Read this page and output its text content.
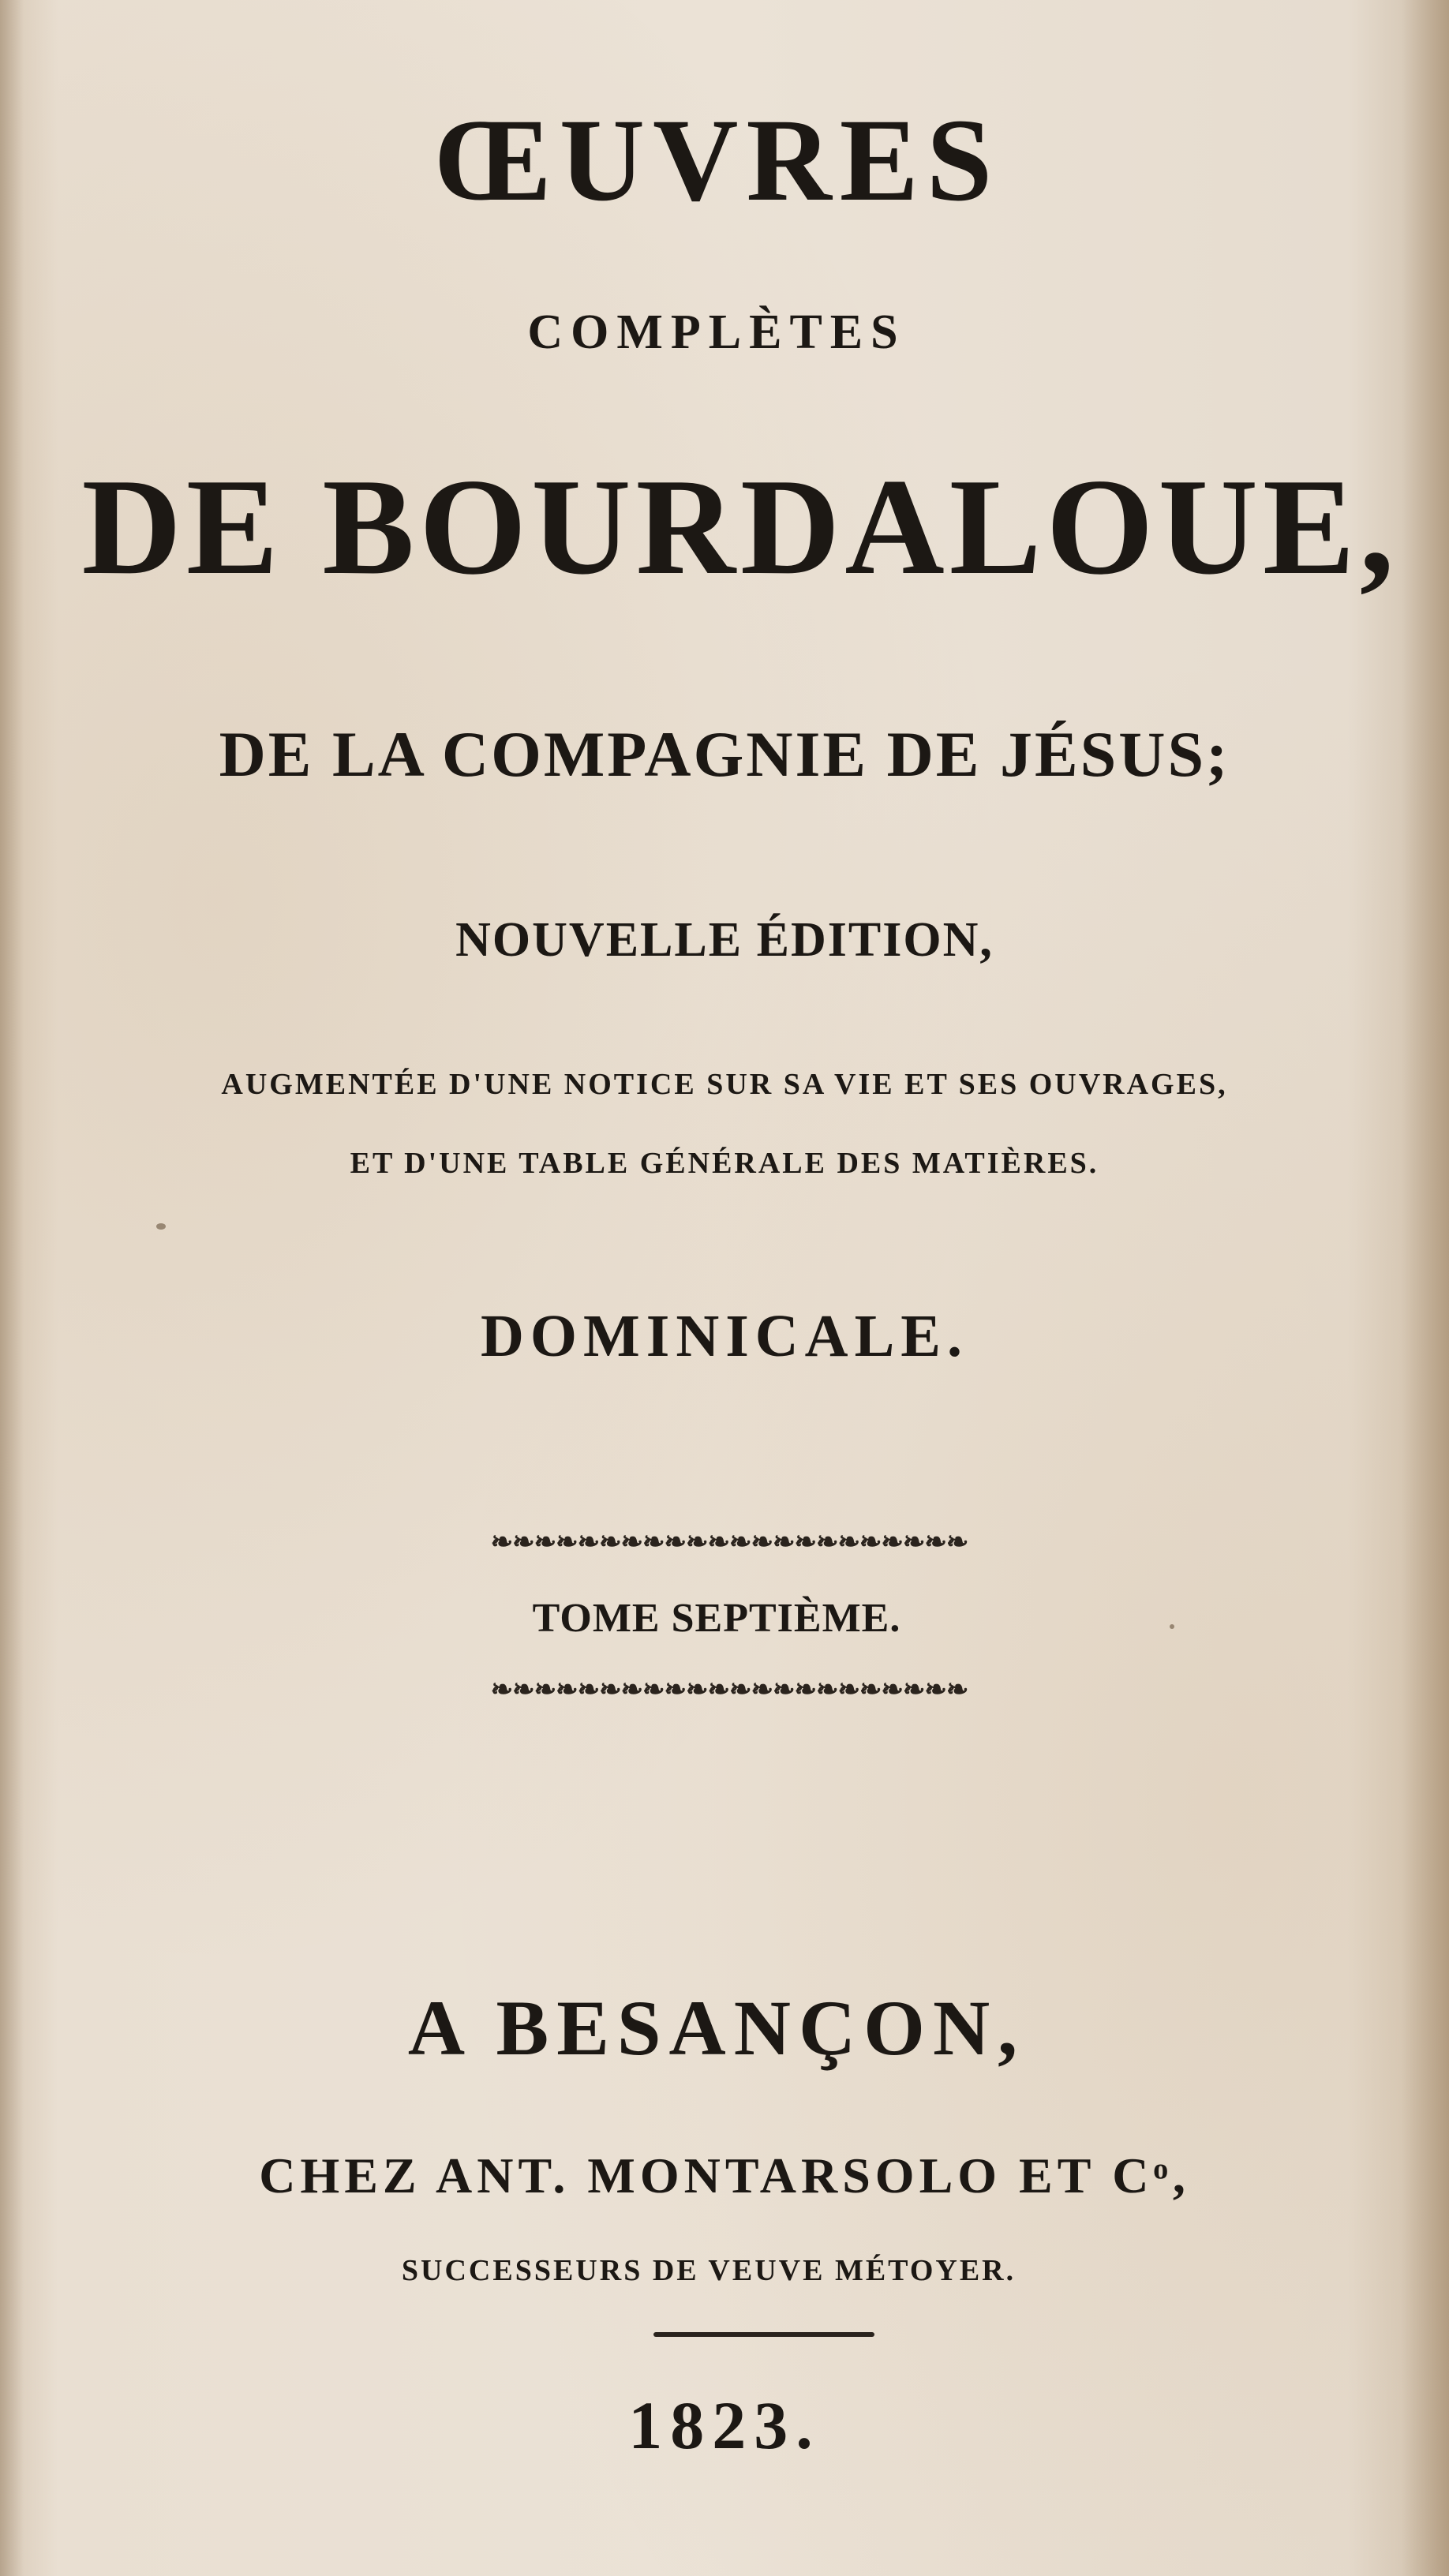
ŒUVRES
COMPLÈTES
DE BOURDALOUE,
DE LA COMPAGNIE DE JÉSUS;
NOUVELLE ÉDITION,
AUGMENTÉE D'UNE NOTICE SUR SA VIE ET SES OUVRAGES,
ET D'UNE TABLE GÉNÉRALE DES MATIÈRES.
DOMINICALE.
❧❧❧❧❧❧❧❧❧❧❧❧❧❧❧❧❧❧❧❧❧❧
TOME SEPTIÈME.
❧❧❧❧❧❧❧❧❧❧❧❧❧❧❧❧❧❧❧❧❧❧
A BESANÇON,
CHEZ ANT. MONTARSOLO ET Cᵒ,
SUCCESSEURS DE VEUVE MÉTOYER.
1823.
